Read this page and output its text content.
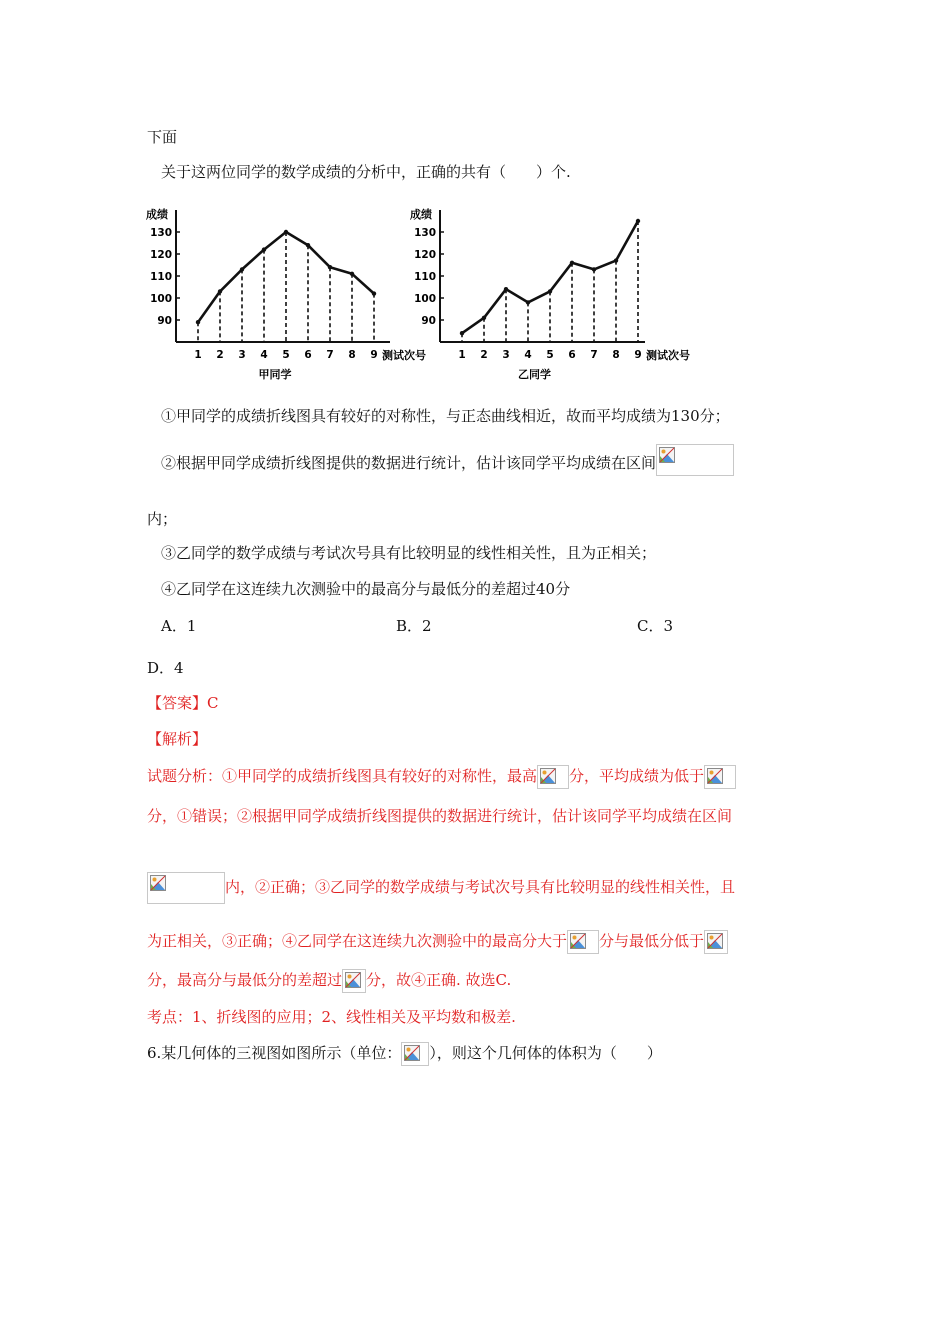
下面
关于这两位同学的数学成绩的分析中，正确的共有（　　）个.
成绩
测试次号
甲同学
90
100
110
120
130
1 2 3 4 5 6 7 8 9
成绩
测试次号
乙同学
90
100
110
120
130
1 2 3 4 5 6 7 8 9
①甲同学的成绩折线图具有较好的对称性，与正态曲线相近，故而平均成绩为130分；
②根据甲同学成绩折线图提供的数据进行统计，估计该同学平均成绩在区间
内；
③乙同学的数学成绩与考试次号具有比较明显的线性相关性，且为正相关；
④乙同学在这连续九次测验中的最高分与最低分的差超过40分
A．1	B．2	C．3
D．4
【答案】C
【解析】
试题分析：①甲同学的成绩折线图具有较好的对称性，最高 分，平均成绩为低于
分，①错误；②根据甲同学成绩折线图提供的数据进行统计，估计该同学平均成绩在区间
内，②正确；③乙同学的数学成绩与考试次号具有比较明显的线性相关性，且
为正相关，③正确；④乙同学在这连续九次测验中的最高分大于 分与最低分低于
分，最高分与最低分的差超过 分，故④正确. 故选C.
考点：1、折线图的应用；2、线性相关及平均数和极差.
6.某几何体的三视图如图所示（单位： ），则这个几何体的体积为（　　）
